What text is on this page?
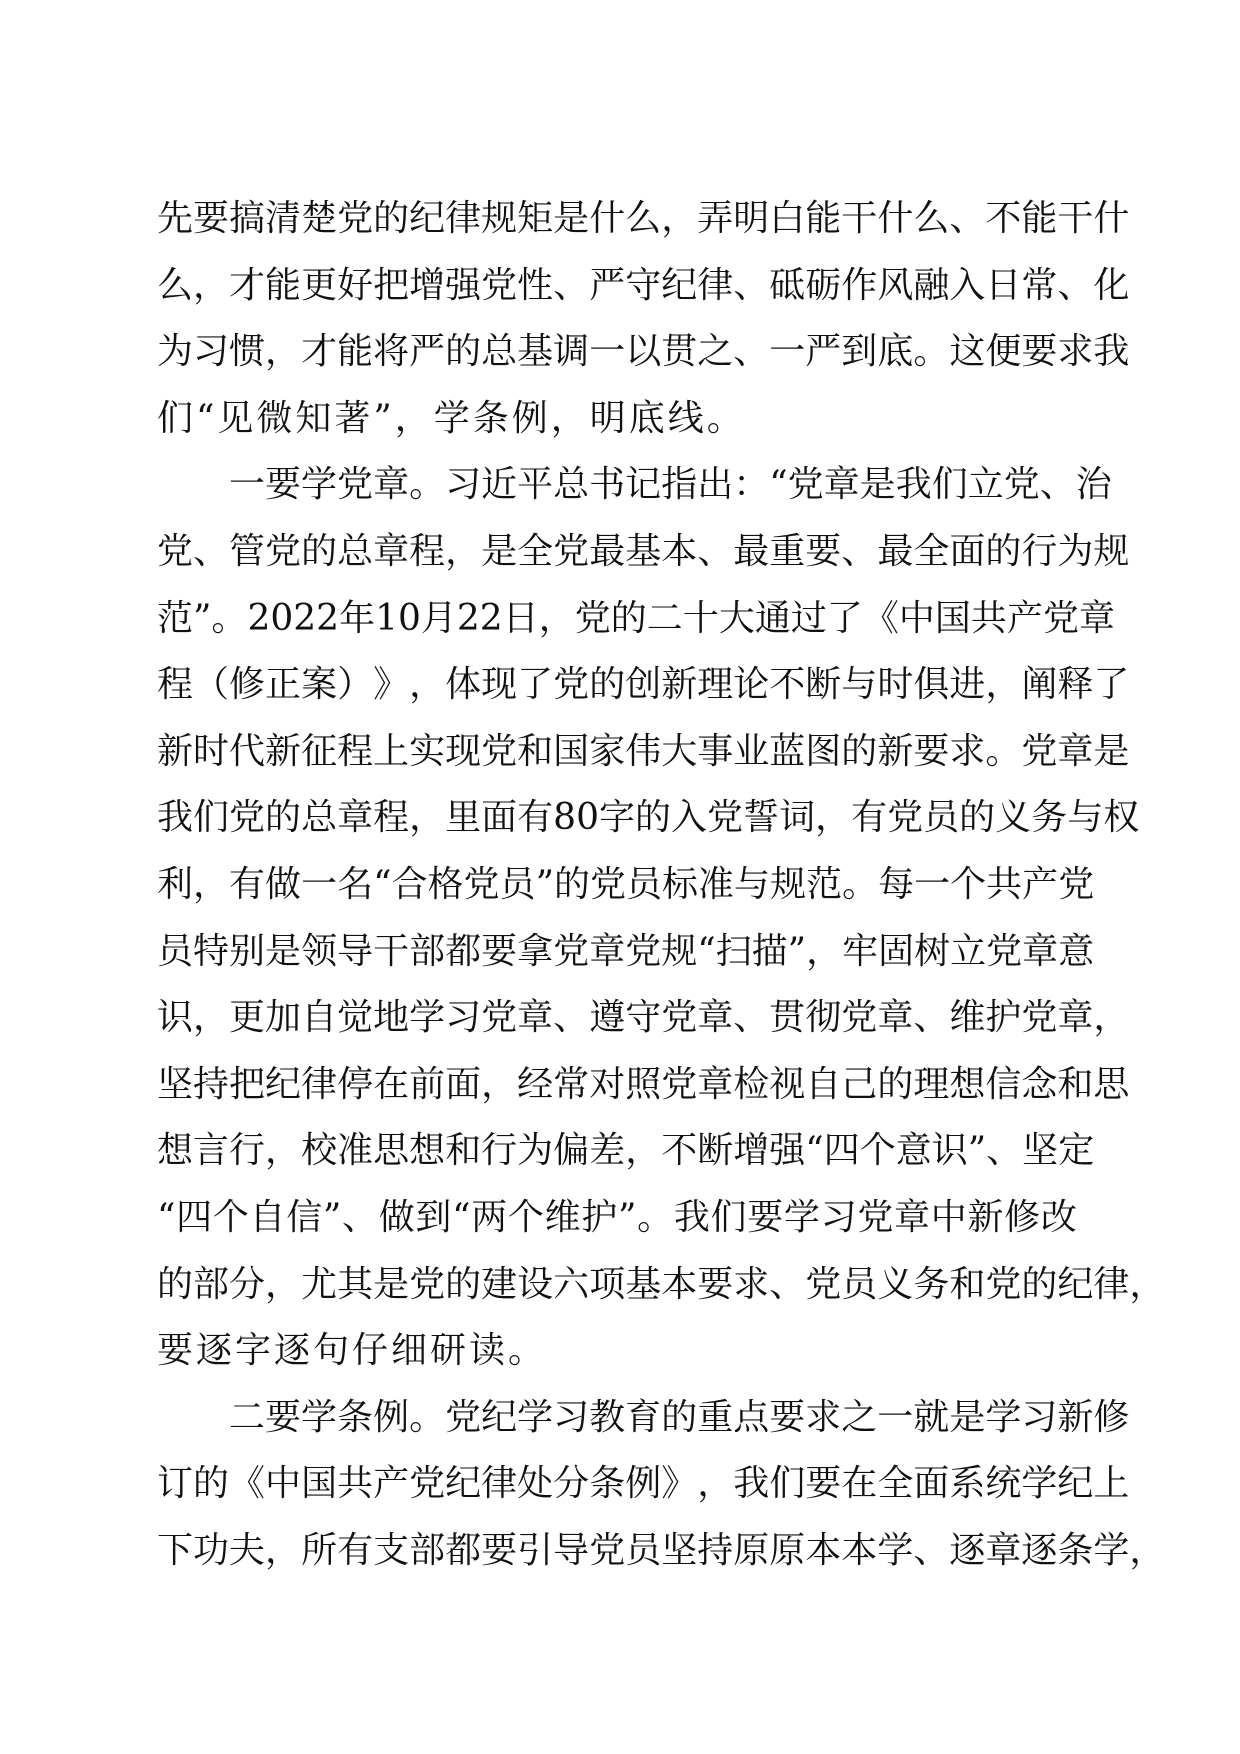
先 要 搞 清 楚 党 的 纪 律 规 矩 是 什 么 ， 弄 明 白 能 干 什 么 、 不 能 干 什
么 ， 才 能 更 好 把 增 强 党 性 、 严 守 纪 律 、 砥 砺 作 风 融 入 日 常 、 化
为 习 惯 ， 才 能 将 严 的 总 基 调 一 以 贯 之 、 一 严 到 底 。 这 便 要 求 我
们“见微知著”，学条例，明底线。
一 要 学 党 章 。 习 近 平 总 书 记 指 出 ： “ 党 章 是 我 们 立 党 、 治
党 、 管 党 的 总 章 程 ， 是 全 党 最 基 本 、 最 重 要 、 最 全 面 的 行 为 规
范 ” 。 2022 年 10 月 22 日 ， 党 的 二 十 大 通 过 了 《 中 国 共 产 党 章
程 （ 修 正 案 ） 》 ， 体 现 了 党 的 创 新 理 论 不 断 与 时 俱 进 ， 阐 释 了
新 时 代 新 征 程 上 实 现 党 和 国 家 伟 大 事 业 蓝 图 的 新 要 求 。 党 章 是
我 们 党 的 总 章 程 ， 里 面 有 80 字 的 入 党 誓 词 ， 有 党 员 的 义 务 与 权
利 ， 有 做 一 名 “ 合 格 党 员 ” 的 党 员 标 准 与 规 范 。 每 一 个 共 产 党
员 特 别 是 领 导 干 部 都 要 拿 党 章 党 规 “ 扫 描 ” ， 牢 固 树 立 党 章 意
识 ， 更 加 自 觉 地 学 习 党 章 、 遵 守 党 章 、 贯 彻 党 章 、 维 护 党 章 ，
坚 持 把 纪 律 停 在 前 面 ， 经 常 对 照 党 章 检 视 自 己 的 理 想 信 念 和 思
想 言 行 ， 校 准 思 想 和 行 为 偏 差 ， 不 断 增 强 “ 四 个 意 识 ” 、 坚 定
“ 四 个 自 信 ” 、 做 到 “ 两 个 维 护 ” 。 我 们 要 学 习 党 章 中 新 修 改
的 部 分 ， 尤 其 是 党 的 建 设 六 项 基 本 要 求 、 党 员 义 务 和 党 的 纪 律 ，
要逐字逐句仔细研读。
二 要 学 条 例 。 党 纪 学 习 教 育 的 重 点 要 求 之 一 就 是 学 习 新 修
订 的 《 中 国 共 产 党 纪 律 处 分 条 例 》 ， 我 们 要 在 全 面 系 统 学 纪 上
下 功 夫 ， 所 有 支 部 都 要 引 导 党 员 坚 持 原 原 本 本 学 、 逐 章 逐 条 学 ，
